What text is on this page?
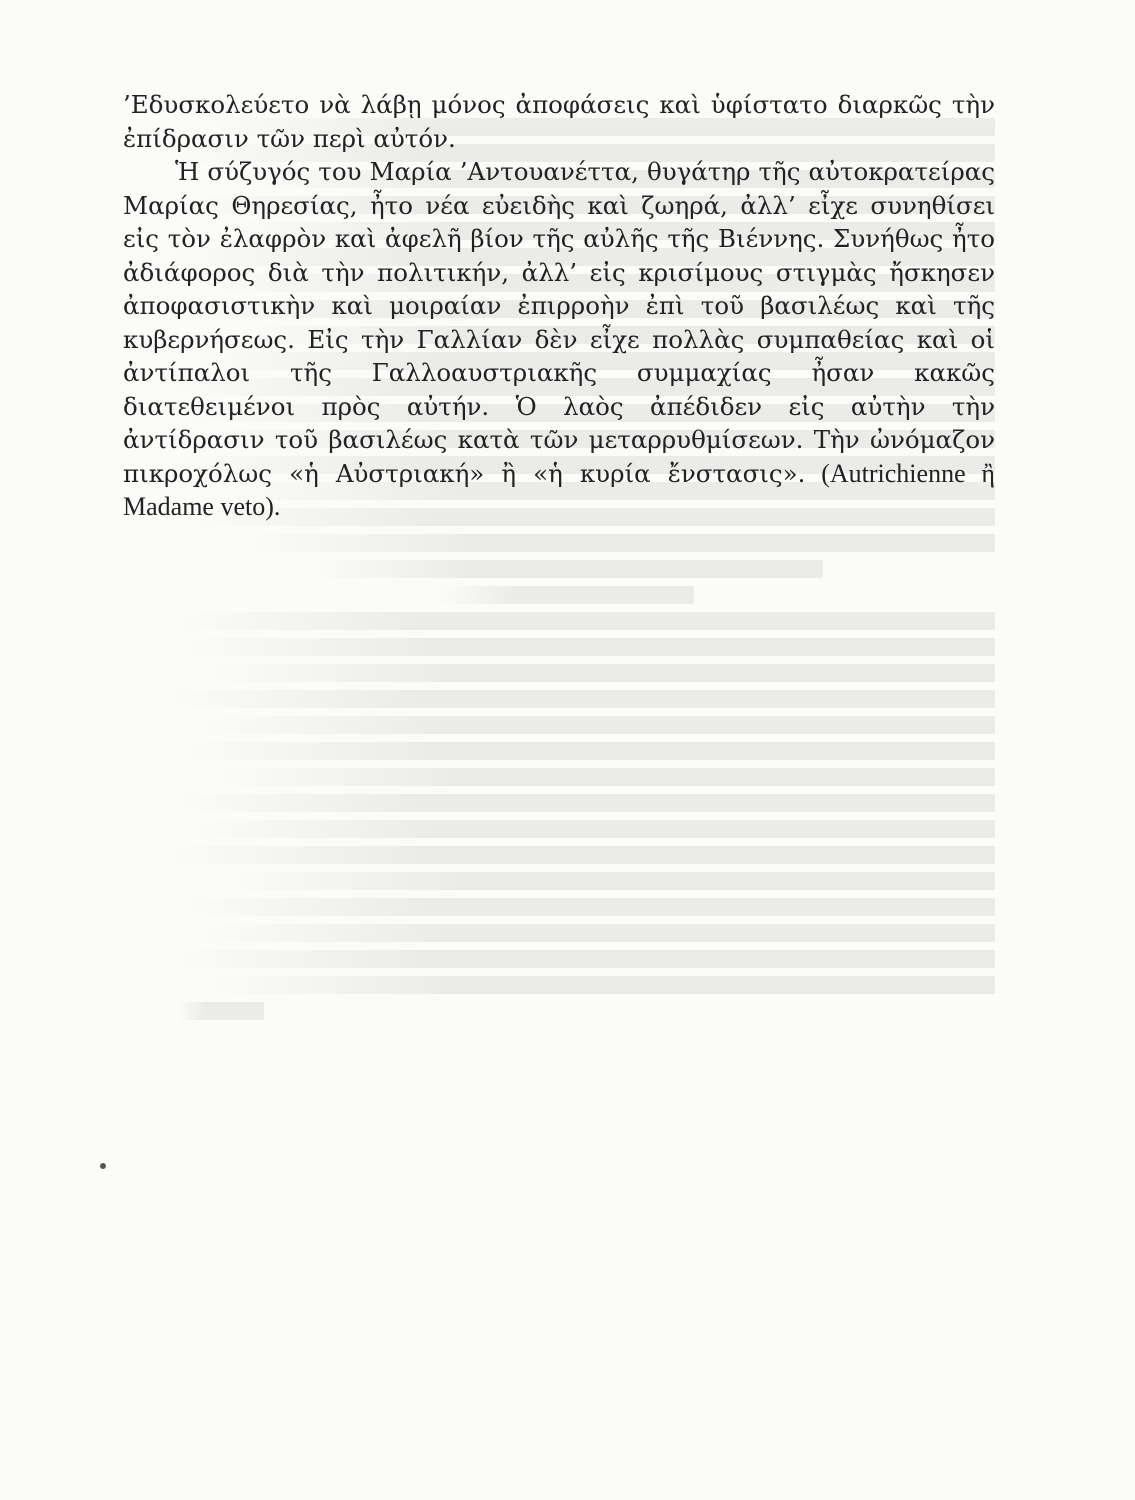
’Εδυσκολεύετο νὰ λάβῃ μόνος ἀποφάσεις καὶ ὑφίστατο διαρκῶς τὴν ἐπίδρασιν τῶν περὶ αὐτόν.

Ἡ σύζυγός του Μαρία ’Αντουανέττα, θυγάτηρ τῆς αὐτοκρατείρας Μαρίας Θηρεσίας, ἦτο νέα εὐειδὴς καὶ ζωηρά, ἀλλ’ εἶχε συνηθίσει εἰς τὸν ἐλαφρὸν καὶ ἀφελῆ βίον τῆς αὐλῆς τῆς Βιέννης. Συνήθως ἦτο ἀδιάφορος διὰ τὴν πολιτικήν, ἀλλ’ εἰς κρισίμους στιγμὰς ἤσκησεν ἀποφασιστικὴν καὶ μοιραίαν ἐπιρροὴν ἐπὶ τοῦ βασιλέως καὶ τῆς κυβερνήσεως. Εἰς τὴν Γαλλίαν δὲν εἶχε πολλὰς συμπαθείας καὶ οἱ ἀντίπαλοι τῆς Γαλλοαυστριακῆς συμμαχίας ἦσαν κακῶς διατεθειμένοι πρὸς αὐτήν. Ὁ λαὸς ἀπέδιδεν εἰς αὐτὴν τὴν ἀντίδρασιν τοῦ βασιλέως κατὰ τῶν μεταρρυθμίσεων. Τὴν ὠνόμαζον πικροχόλως «ἡ Αὐστριακή» ἢ «ἡ κυρία ἔνστασις». (Autrichienne ἢ Madame veto).
